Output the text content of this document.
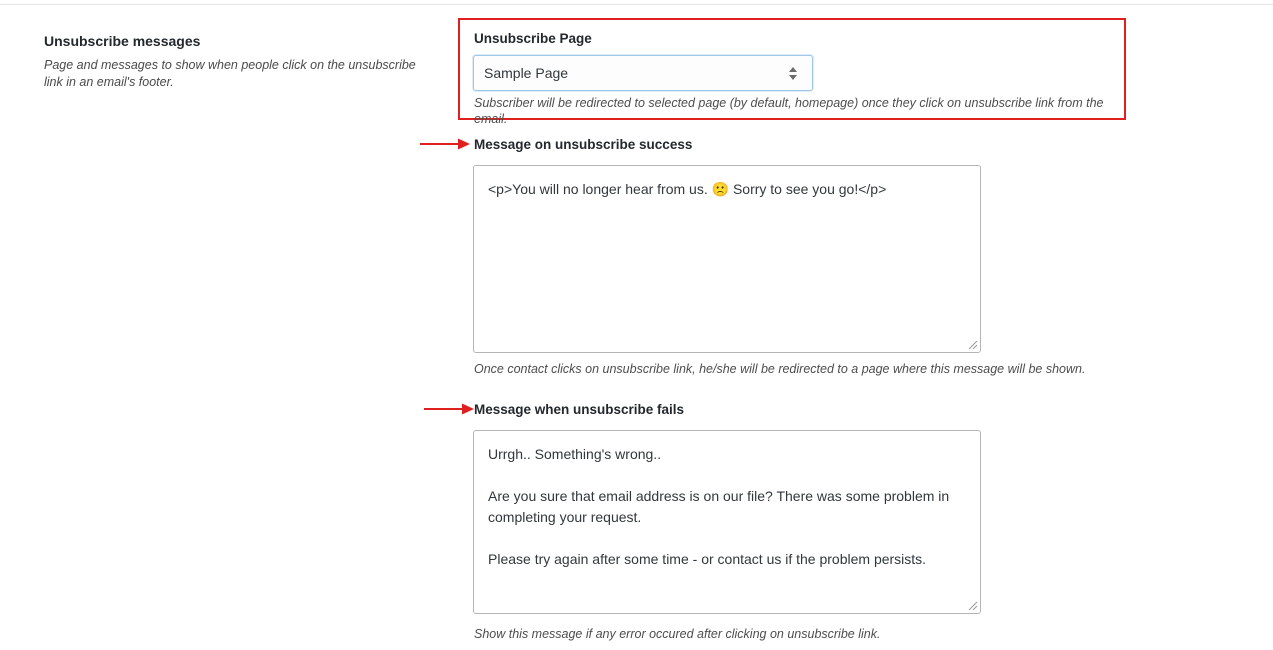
Unsubscribe messages
Page and messages to show when people click on the unsubscribe link in an email's footer.
Unsubscribe Page
Sample Page
Subscriber will be redirected to selected page (by default, homepage) once they click on unsubscribe link from the email.
Message on unsubscribe success
<p>You will no longer hear from us. 🙁 Sorry to see you go!</p>
Once contact clicks on unsubscribe link, he/she will be redirected to a page where this message will be shown.
Message when unsubscribe fails
Urrgh.. Something's wrong.. Are you sure that email address is on our file? There was some problem in completing your request. Please try again after some time - or contact us if the problem persists.
Show this message if any error occured after clicking on unsubscribe link.
